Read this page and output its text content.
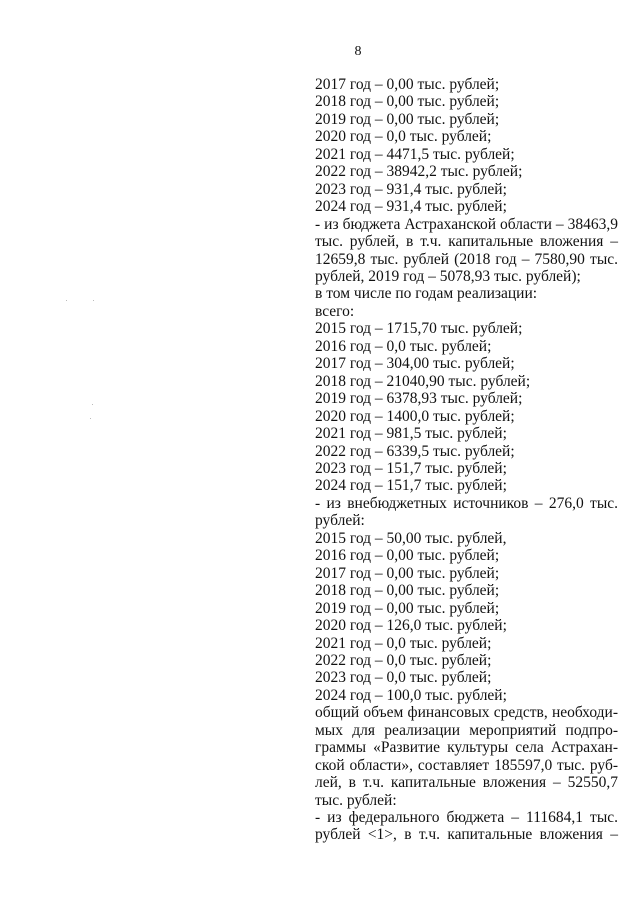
8
2017 год – 0,00 тыс. рублей;
2018 год – 0,00 тыс. рублей;
2019 год – 0,00 тыс. рублей;
2020 год – 0,0 тыс. рублей;
2021 год – 4471,5 тыс. рублей;
2022 год – 38942,2 тыс. рублей;
2023 год – 931,4 тыс. рублей;
2024 год – 931,4 тыс. рублей;
- из бюджета Астраханской области – 38463,9
тыс. рублей, в т.ч. капитальные вложения –
12659,8 тыс. рублей (2018 год – 7580,90 тыс.
рублей, 2019 год – 5078,93 тыс. рублей);
в том числе по годам реализации:
всего:
2015 год – 1715,70 тыс. рублей;
2016 год – 0,0 тыс. рублей;
2017 год – 304,00 тыс. рублей;
2018 год – 21040,90 тыс. рублей;
2019 год – 6378,93 тыс. рублей;
2020 год – 1400,0 тыс. рублей;
2021 год – 981,5 тыс. рублей;
2022 год – 6339,5 тыс. рублей;
2023 год – 151,7 тыс. рублей;
2024 год – 151,7 тыс. рублей;
- из внебюджетных источников – 276,0 тыс.
рублей:
2015 год – 50,00 тыс. рублей,
2016 год – 0,00 тыс. рублей;
2017 год – 0,00 тыс. рублей;
2018 год – 0,00 тыс. рублей;
2019 год – 0,00 тыс. рублей;
2020 год – 126,0 тыс. рублей;
2021 год – 0,0 тыс. рублей;
2022 год – 0,0 тыс. рублей;
2023 год – 0,0 тыс. рублей;
2024 год – 100,0 тыс. рублей;
общий объем финансовых средств, необходи-
мых для реализации мероприятий подпро-
граммы «Развитие культуры села Астрахан-
ской области», составляет 185597,0 тыс. руб-
лей, в т.ч. капитальные вложения – 52550,7
тыс. рублей:
- из федерального бюджета – 111684,1 тыс.
рублей <1>, в т.ч. капитальные вложения –
